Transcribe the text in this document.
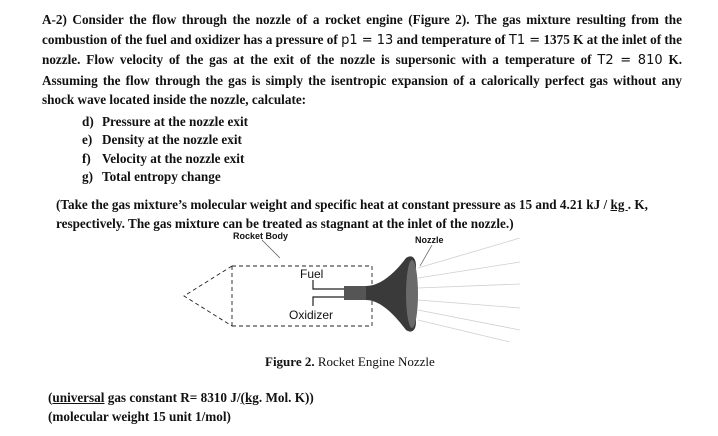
A-2) Consider the flow through the nozzle of a rocket engine (Figure 2). The gas mixture resulting from the combustion of the fuel and oxidizer has a pressure of p1 = 13 and temperature of T1 = 1375 K at the inlet of the nozzle. Flow velocity of the gas at the exit of the nozzle is supersonic with a temperature of T2 = 810 K. Assuming the flow through the gas is simply the isentropic expansion of a calorically perfect gas without any shock wave located inside the nozzle, calculate:
d) Pressure at the nozzle exit
e) Density at the nozzle exit
f) Velocity at the nozzle exit
g) Total entropy change
(Take the gas mixture’s molecular weight and specific heat at constant pressure as 15 and 4.21 kJ / kg . K, respectively. The gas mixture can be treated as stagnant at the inlet of the nozzle.)
Rocket Body	Nozzle
Fuel
Oxidizer
Figure 2. Rocket Engine Nozzle
(universal gas constant R= 8310 J/(kg. Mol. K))
(molecular weight 15 unit 1/mol)
